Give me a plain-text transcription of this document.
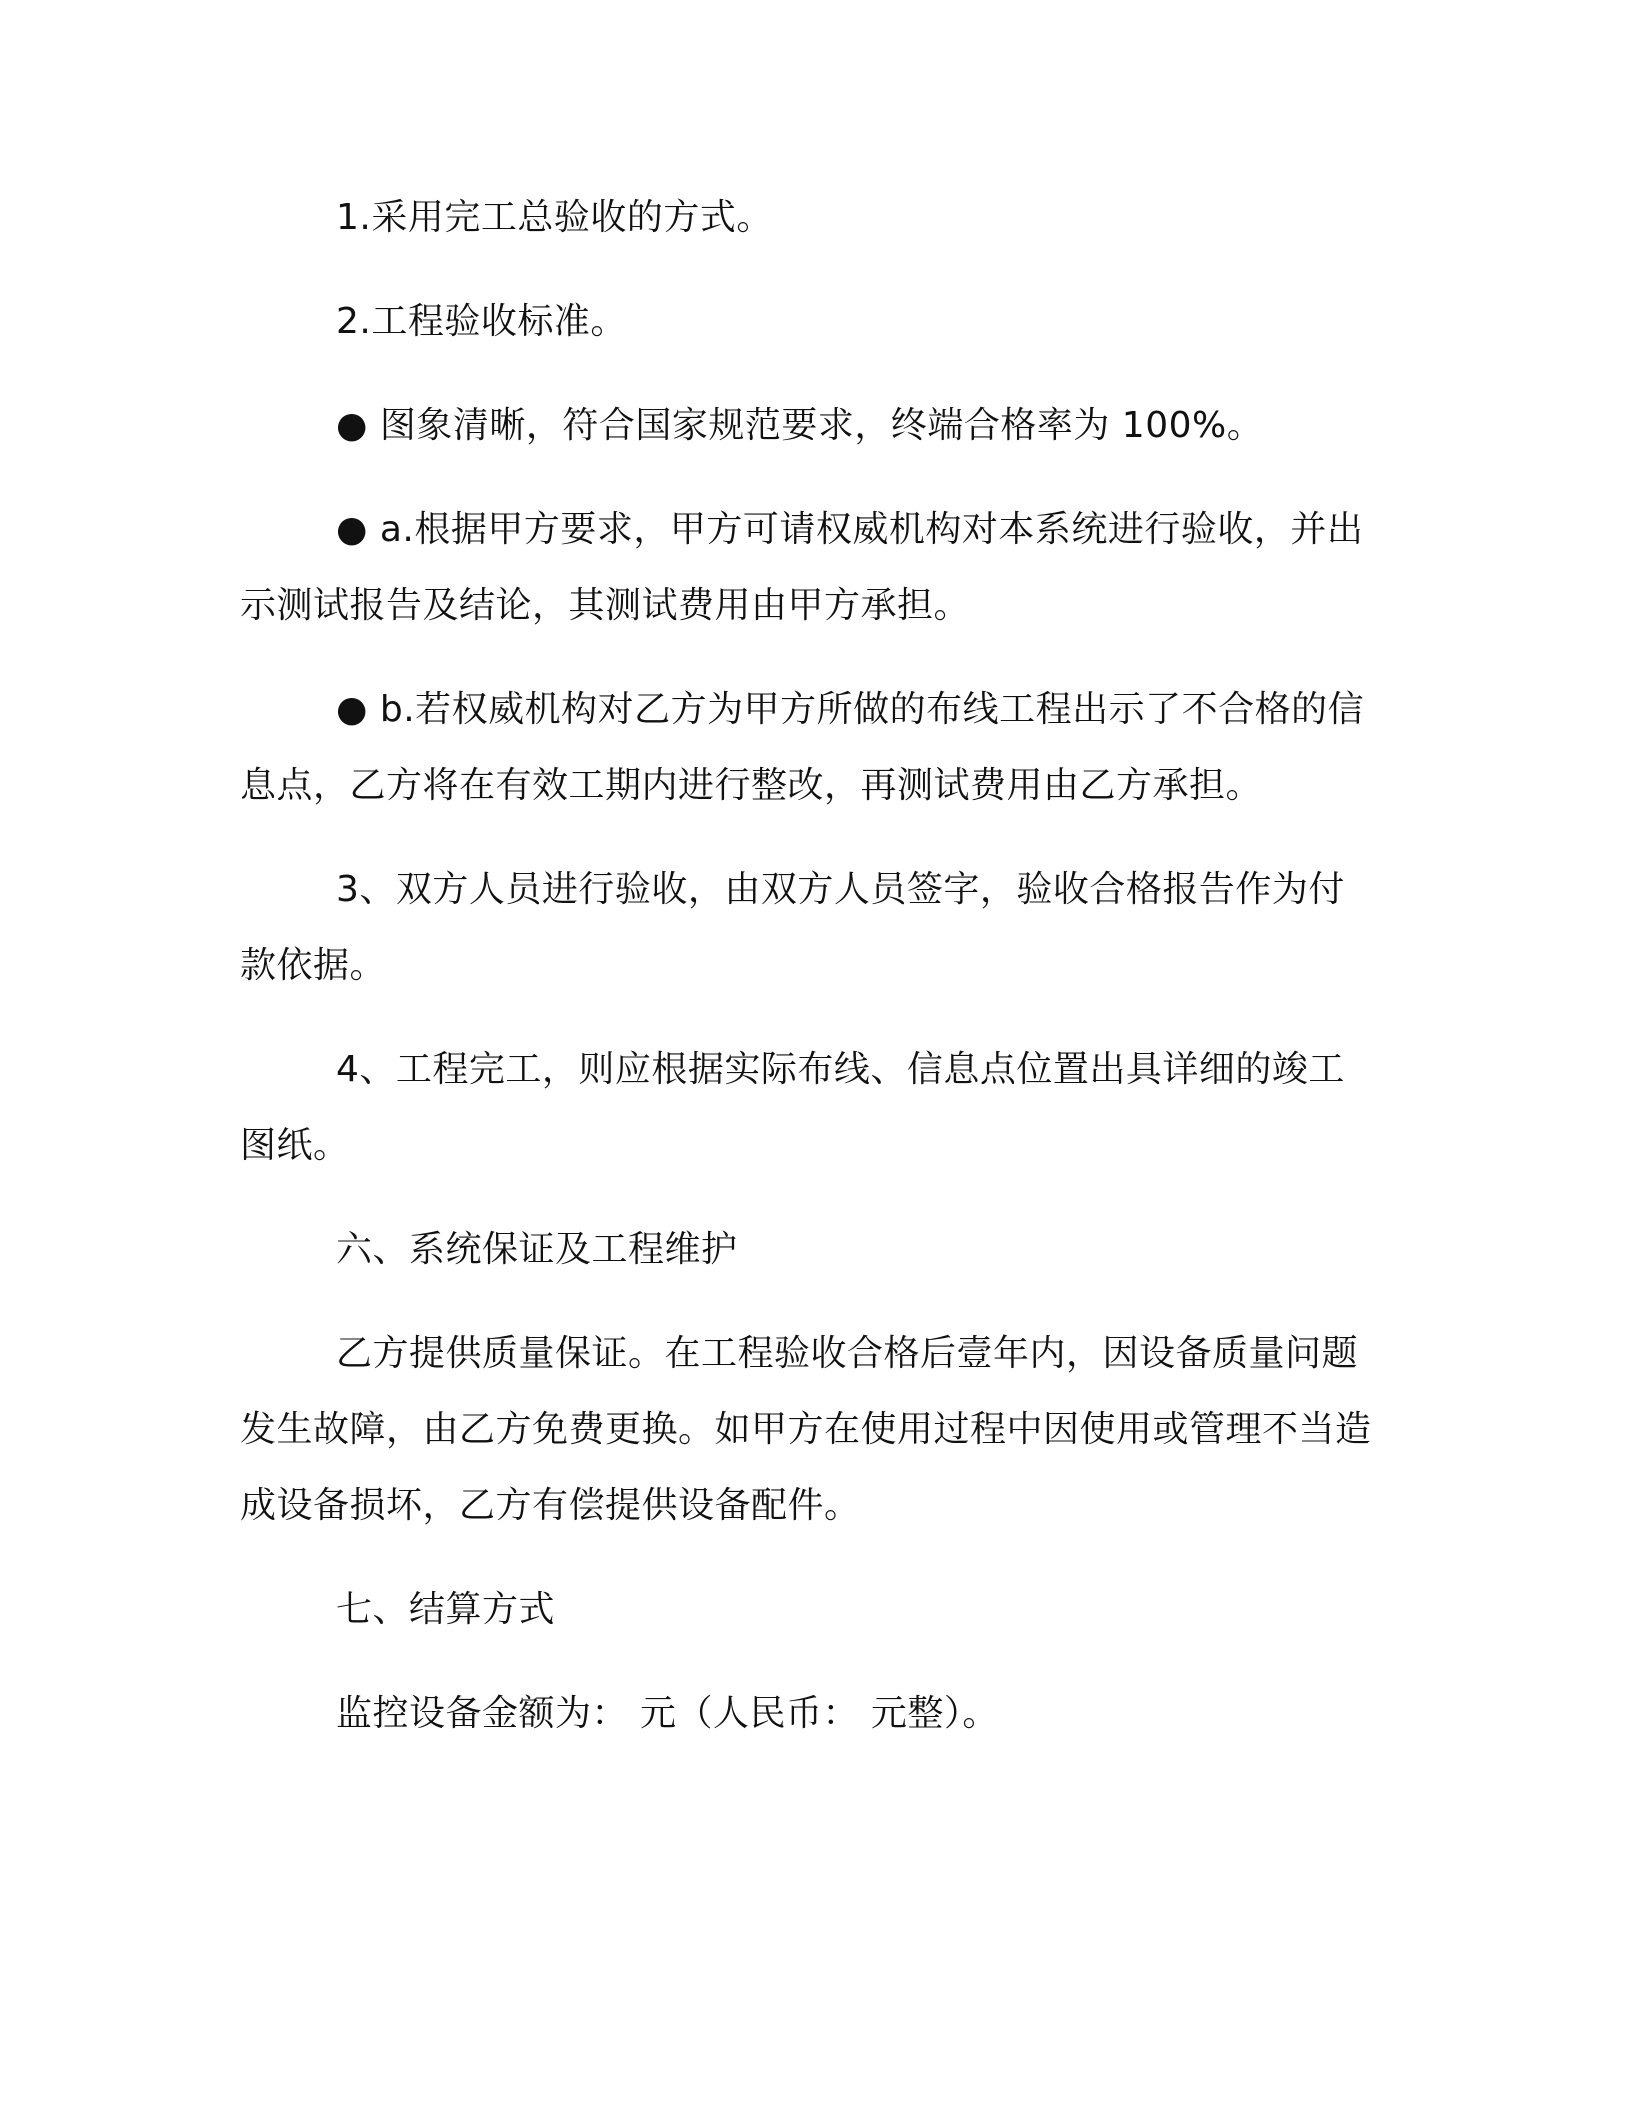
1.采用完工总验收的方式。

2.工程验收标准。

● 图象清晰，符合国家规范要求，终端合格率为 100%。

● a.根据甲方要求，甲方可请权威机构对本系统进行验收，并出示测试报告及结论，其测试费用由甲方承担。

● b.若权威机构对乙方为甲方所做的布线工程出示了不合格的信息点，乙方将在有效工期内进行整改，再测试费用由乙方承担。

3、双方人员进行验收，由双方人员签字，验收合格报告作为付款依据。

4、工程完工，则应根据实际布线、信息点位置出具详细的竣工图纸。

六、系统保证及工程维护

乙方提供质量保证。在工程验收合格后壹年内，因设备质量问题发生故障，由乙方免费更换。如甲方在使用过程中因使用或管理不当造成设备损坏，乙方有偿提供设备配件。

七、结算方式

监控设备金额为： 元（人民币： 元整）。
